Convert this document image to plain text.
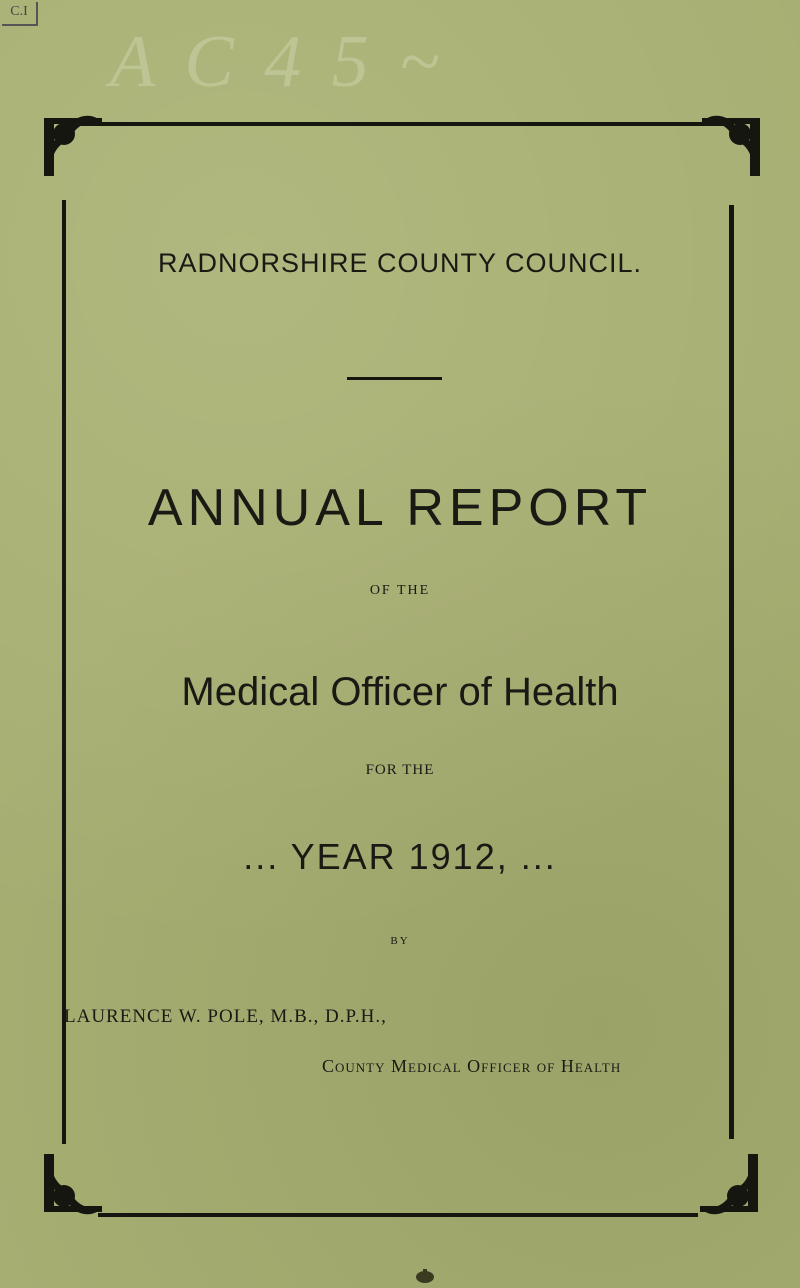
C.I
A C 4 5 ~
RADNORSHIRE COUNTY COUNCIL.
ANNUAL REPORT
OF THE
Medical Officer of Health
FOR THE
... YEAR 1912, ...
BY
LAURENCE W. POLE, M.B., D.P.H.,
County Medical Officer of Health
